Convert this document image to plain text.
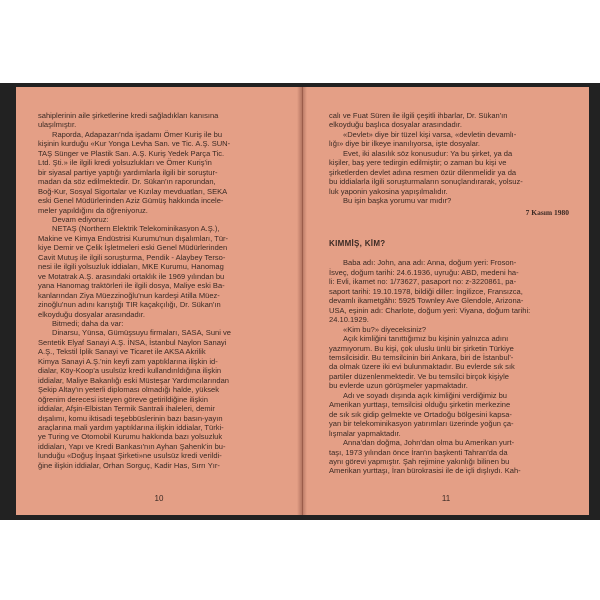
sahiplerinin aile şirketlerine kredi sağladıkları kanısına
ulaşılmıştır.
Raporda, Adapazarı'nda işadamı Ömer Kuriş ile bu
kişinin kurduğu «Kur Yonga Levha San. ve Tic. A.Ş. SUN-
TAŞ Sünger ve Plastik San. A.Ş. Kuriş Yedek Parça Tic.
Ltd. Şti.» ile ilgili kredi yolsuzlukları ve Ömer Kuriş'in
bir siyasal partiye yaptığı yardımlarla ilgili bir soruştur-
madan da söz edilmektedir. Dr. Sükan'ın raporundan,
Boğ-Kur, Sosyal Sigortalar ve Kızılay mevduatları, SEKA
eski Genel Müdürlerinden Aziz Gümüş hakkında incele-
meler yapıldığını da öğreniyoruz.
Devam ediyoruz:
NETAŞ (Northern Elektrik Telekominikasyon A.Ş.),
Makine ve Kimya Endüstrisi Kurumu'nun dışalımları, Tür-
kiye Demir ve Çelik İşletmeleri eski Genel Müdürlerinden
Cavit Mutuş ile ilgili soruşturma, Pendik - Alaybey Terso-
nesi ile ilgili yolsuzluk iddiaları, MKE Kurumu, Hanomag
ve Motatrak A.Ş. arasındaki ortaklık ile 1969 yılından bu
yana Hanomag traktörleri ile ilgili dosya, Maliye eski Ba-
kanlarından Ziya Müezzinoğlu'nun kardeşi Atilla Müez-
zinoğlu'nun adını karıştığı TIR kaçakçılığı, Dr. Sükan'ın
elkoyduğu dosyalar arasındadır.
Bitmedi; daha da var:
Dinarsu, Yünsa, Gümüşsuyu firmaları, SASA, Suni ve
Sentetik Elyaf Sanayi A.Ş. İNSA, İstanbul Naylon Sanayi
A.Ş., Tekstil İplik Sanayi ve Ticaret ile AKSA Akrilik
Kimya Sanayi A.Ş.'nin keyfi zam yaptıklarına ilişkin id-
dialar, Köy-Koop'a usulsüz kredi kullandırıldığına ilişkin
iddialar, Maliye Bakanlığı eski Müsteşar Yardımcılarından
Şekip Altay'ın yeterli diploması olmadığı halde, yüksek
öğrenim derecesi isteyen göreve getirildiğine ilişkin
iddialar, Afşin-Elbistan Termik Santrali ihaleleri, demir
dışalımı, komu iktisadi teşebbüslerinin bazı basın-yayın
araçlarına mali yardım yaptıklarına ilişkin iddialar, Türki-
ye Turing ve Otomobil Kurumu hakkında bazı yolsuzluk
iddiaları, Yapı ve Kredi Bankası'nın Ayhan Şahenk'in bu-
lunduğu «Doğuş İnşaat Şirketi»ne usulsüz kredi verildi-
ğine ilişkin iddialar, Orhan Sorguç, Kadir Has, Sırrı Yır-
10
calı ve Fuat Süren ile ilgili çeşitli ihbarlar, Dr. Sükan'ın
elkoyduğu başlıca dosyalar arasındadır.
«Devlet» diye bir tüzel kişi varsa, «devletin devamlı-
lığı» diye bir ilkeye inanılıyorsa, işte dosyalar.
Evet, iki alasılık söz konusudur: Ya bu şirket, ya da
kişiler, baş yere tedirgin edilmiştir; o zaman bu kişi ve
şirketlerden devlet adına resmen özür dilenmelidir ya da
bu iddialarla ilgili soruşturmaların sonuçlandırarak, yolsuz-
luk yaponin yakosina yapışılmalıdır.
Bu işin başka yorumu var mıdır?
7 Kasım 1980
KIMMİŞ, KİM?
Baba adı: John, ana adı: Anna, doğum yeri: Froson-
İsveç, doğum tarihi: 24.6.1936, uyruğu: ABD, medeni ha-
li: Evli, ikamet no: 1/73627, pasaport no: z-3220861, pa-
saport tarihi: 19.10.1978, bildiği diller: İngilizce, Fransızca,
devamlı ikametgâhı: 5925 Townley Ave Glendole, Arizona-
USA, eşinin adı: Charlote, doğum yeri: Viyana, doğum tarihi:
24.10.1929.
«Kim bu?» diyeceksiniz?
Açık kimliğini tanıttığımız bu kişinin yalnızca adını
yazmıyorum. Bu kişi, çok uluslu ünlü bir şirketin Türkiye
temsilcisidir. Bu temsilcinin biri Ankara, biri de İstanbul'-
da olmak üzere iki evi bulunmaktadır. Bu evlerde sık sık
partiler düzenlenmektedir. Ve bu temsilci birçok kişiyle
bu evlerde uzun görüşmeler yapmaktadır.
Adı ve soyadı dışında açık kimliğini verdiğimiz bu
Amerikan yurttaşı, temsilcisi olduğu şirketin merkezine
de sık sık gidip gelmekte ve Ortadoğu bölgesini kapsa-
yan bir telekominikasyon yatırımları üzerinde yoğun ça-
lışmalar yapmaktadır.
Anna'dan doğma, John'dan olma bu Amerikan yurt-
taşı, 1973 yılından önce İran'ın başkenti Tahran'da da
aynı görevi yapmıştır. Şah rejimine yakınlığı bilinen bu
Amerikan yurttaşı, İran bürokrasisi ile de içli dışlıydı. Kah-
11
